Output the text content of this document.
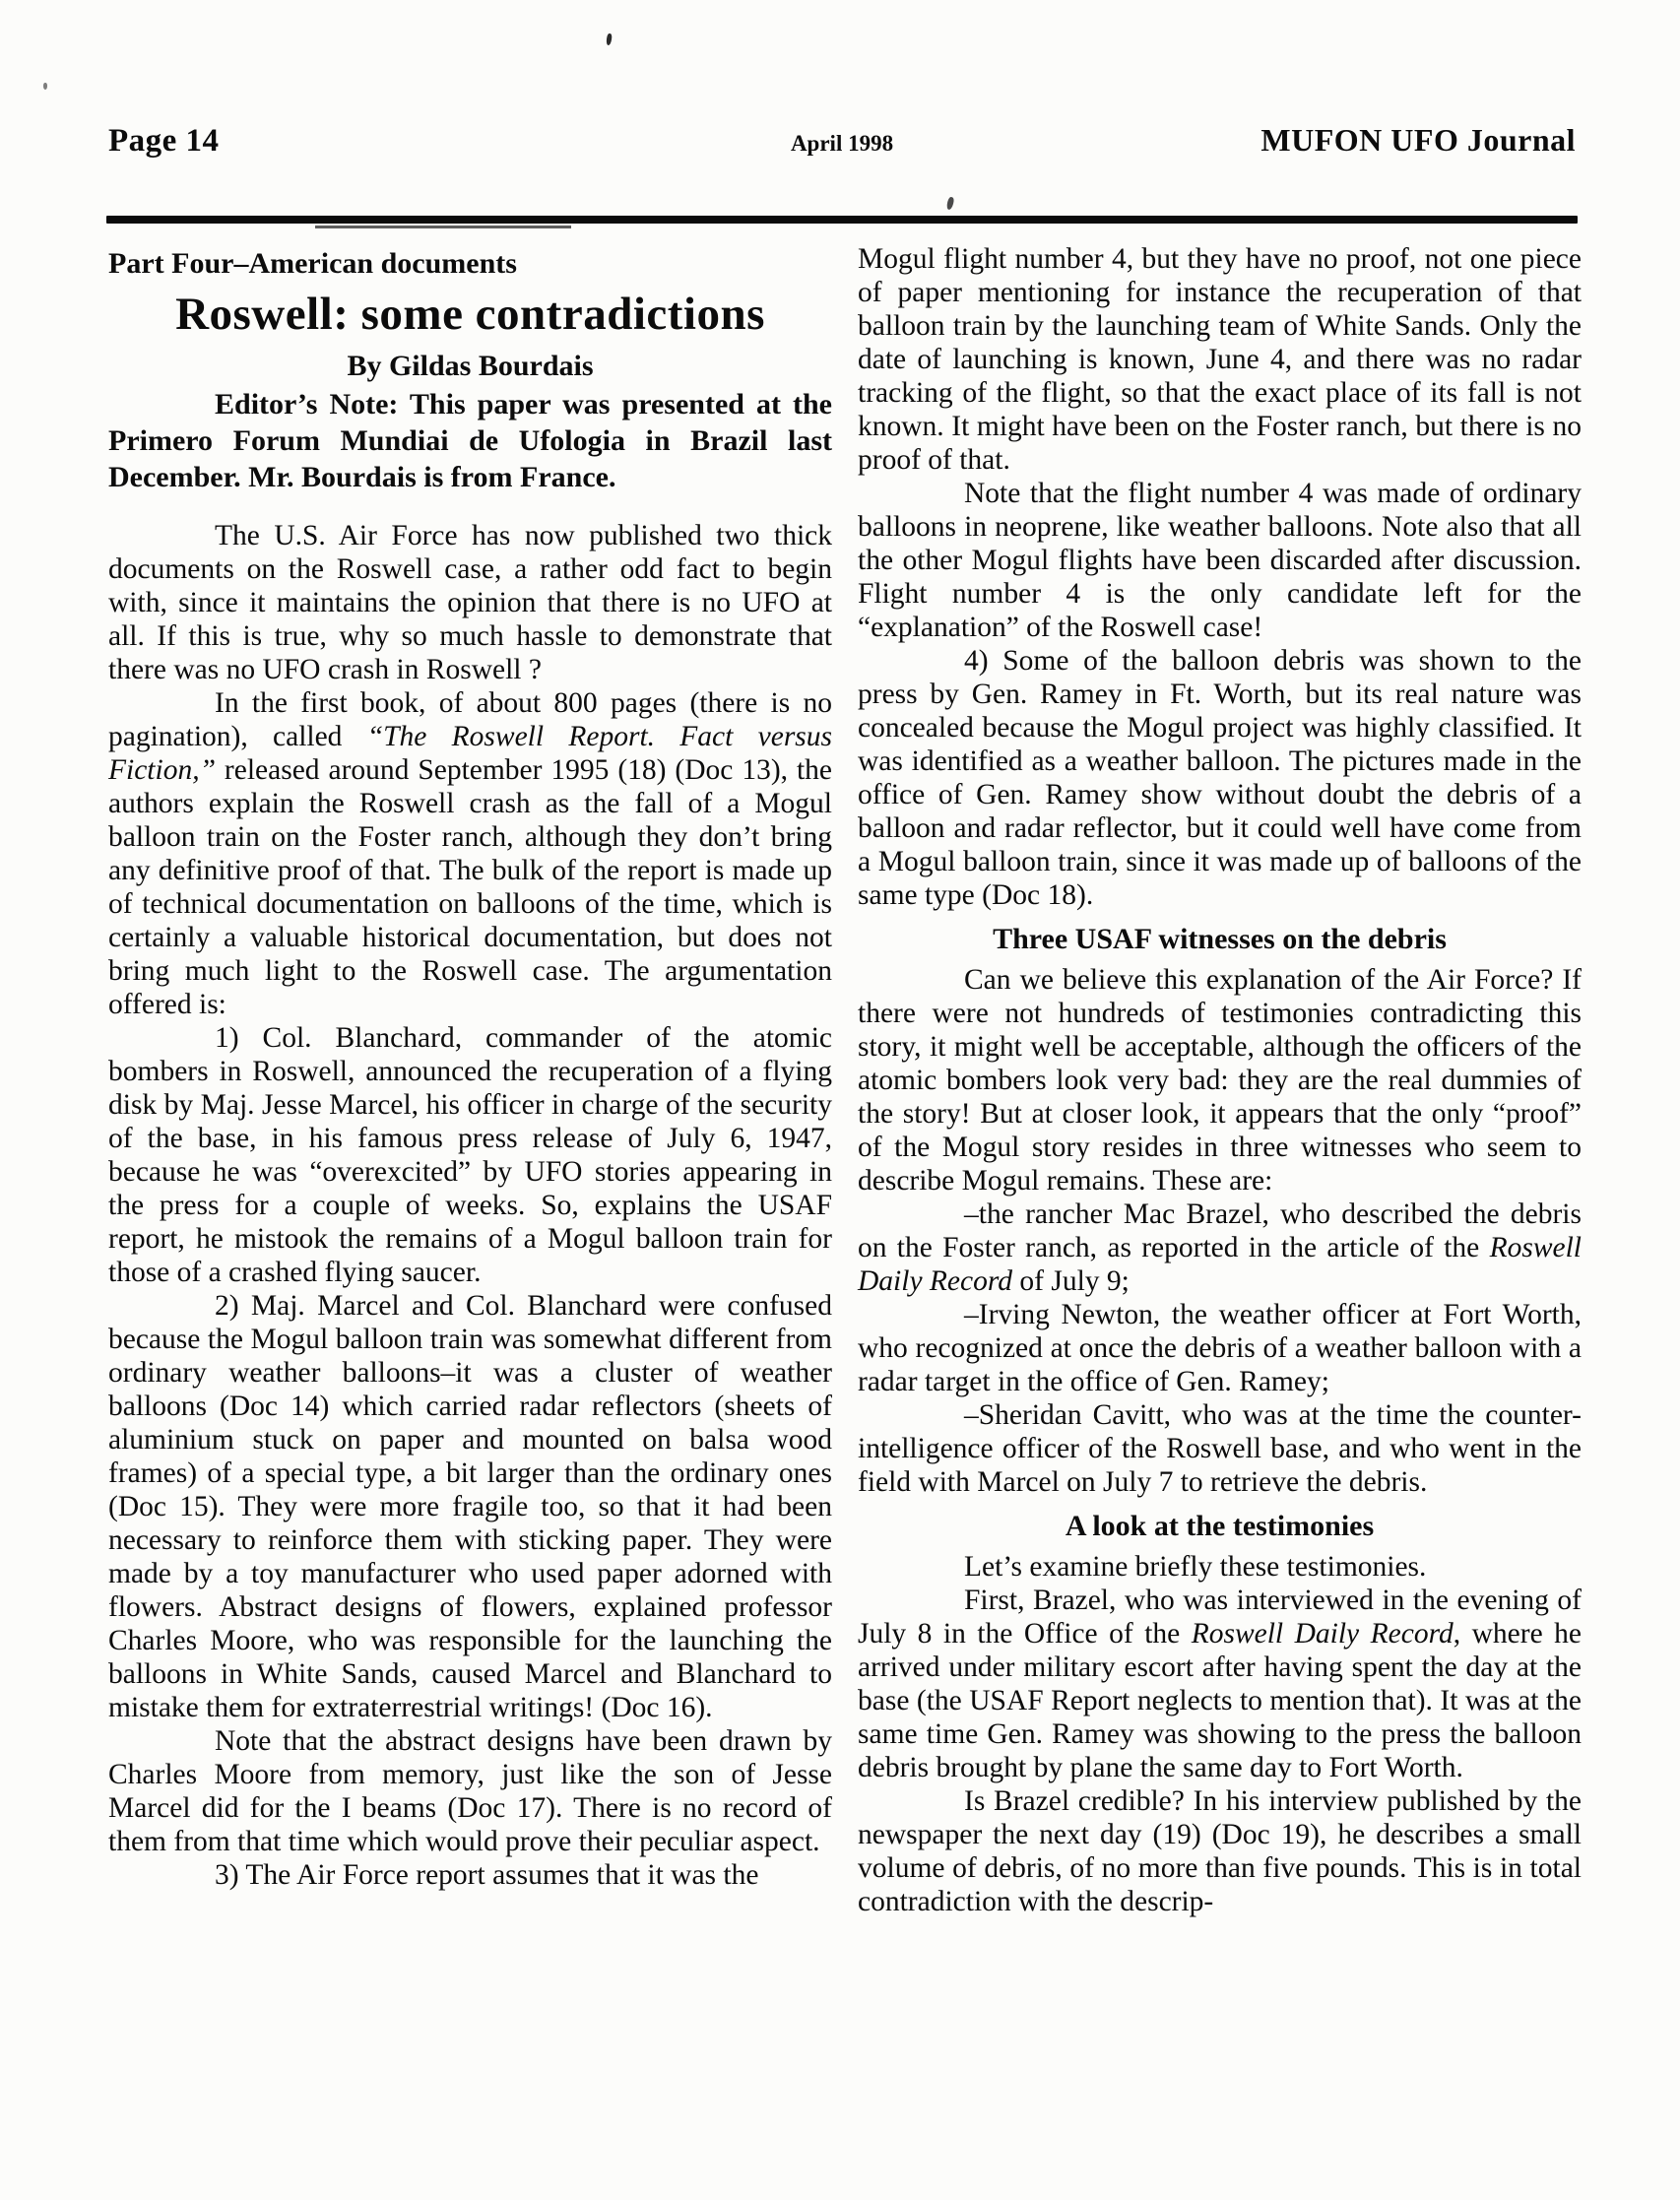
Page 14	April 1998	MUFON UFO Journal

Part Four–American documents

Roswell: some contradictions

By Gildas Bourdais

Editor’s Note: This paper was presented at the Primero Forum Mundiai de Ufologia in Brazil last December. Mr. Bourdais is from France.

The U.S. Air Force has now published two thick documents on the Roswell case, a rather odd fact to begin with, since it maintains the opinion that there is no UFO at all. If this is true, why so much hassle to demonstrate that there was no UFO crash in Roswell ?

In the first book, of about 800 pages (there is no pagination), called “The Roswell Report. Fact versus Fiction,” released around September 1995 (18) (Doc 13), the authors explain the Roswell crash as the fall of a Mogul balloon train on the Foster ranch, although they don’t bring any definitive proof of that. The bulk of the report is made up of technical documentation on balloons of the time, which is certainly a valuable historical documentation, but does not bring much light to the Roswell case. The argumentation offered is:

1) Col. Blanchard, commander of the atomic bombers in Roswell, announced the recuperation of a flying disk by Maj. Jesse Marcel, his officer in charge of the security of the base, in his famous press release of July 6, 1947, because he was “overexcited” by UFO stories appearing in the press for a couple of weeks. So, explains the USAF report, he mistook the remains of a Mogul balloon train for those of a crashed flying saucer.

2) Maj. Marcel and Col. Blanchard were confused because the Mogul balloon train was somewhat different from ordinary weather balloons–it was a cluster of weather balloons (Doc 14) which carried radar reflectors (sheets of aluminium stuck on paper and mounted on balsa wood frames) of a special type, a bit larger than the ordinary ones (Doc 15). They were more fragile too, so that it had been necessary to reinforce them with sticking paper. They were made by a toy manufacturer who used paper adorned with flowers. Abstract designs of flowers, explained professor Charles Moore, who was responsible for the launching the balloons in White Sands, caused Marcel and Blanchard to mistake them for extraterrestrial writings! (Doc 16).

Note that the abstract designs have been drawn by Charles Moore from memory, just like the son of Jesse Marcel did for the I beams (Doc 17). There is no record of them from that time which would prove their peculiar aspect.

3) The Air Force report assumes that it was the

Mogul flight number 4, but they have no proof, not one piece of paper mentioning for instance the recuperation of that balloon train by the launching team of White Sands. Only the date of launching is known, June 4, and there was no radar tracking of the flight, so that the exact place of its fall is not known. It might have been on the Foster ranch, but there is no proof of that.

Note that the flight number 4 was made of ordinary balloons in neoprene, like weather balloons. Note also that all the other Mogul flights have been discarded after discussion. Flight number 4 is the only candidate left for the “explanation” of the Roswell case!

4) Some of the balloon debris was shown to the press by Gen. Ramey in Ft. Worth, but its real nature was concealed because the Mogul project was highly classified. It was identified as a weather balloon. The pictures made in the office of Gen. Ramey show without doubt the debris of a balloon and radar reflector, but it could well have come from a Mogul balloon train, since it was made up of balloons of the same type (Doc 18).

Three USAF witnesses on the debris

Can we believe this explanation of the Air Force? If there were not hundreds of testimonies contradicting this story, it might well be acceptable, although the officers of the atomic bombers look very bad: they are the real dummies of the story! But at closer look, it appears that the only “proof” of the Mogul story resides in three witnesses who seem to describe Mogul remains. These are:

–the rancher Mac Brazel, who described the debris on the Foster ranch, as reported in the article of the Roswell Daily Record of July 9;

–Irving Newton, the weather officer at Fort Worth, who recognized at once the debris of a weather balloon with a radar target in the office of Gen. Ramey;

–Sheridan Cavitt, who was at the time the counter-intelligence officer of the Roswell base, and who went in the field with Marcel on July 7 to retrieve the debris.

A look at the testimonies

Let’s examine briefly these testimonies.

First, Brazel, who was interviewed in the evening of July 8 in the Office of the Roswell Daily Record, where he arrived under military escort after having spent the day at the base (the USAF Report neglects to mention that). It was at the same time Gen. Ramey was showing to the press the balloon debris brought by plane the same day to Fort Worth.

Is Brazel credible? In his interview published by the newspaper the next day (19) (Doc 19), he describes a small volume of debris, of no more than five pounds. This is in total contradiction with the descrip-
